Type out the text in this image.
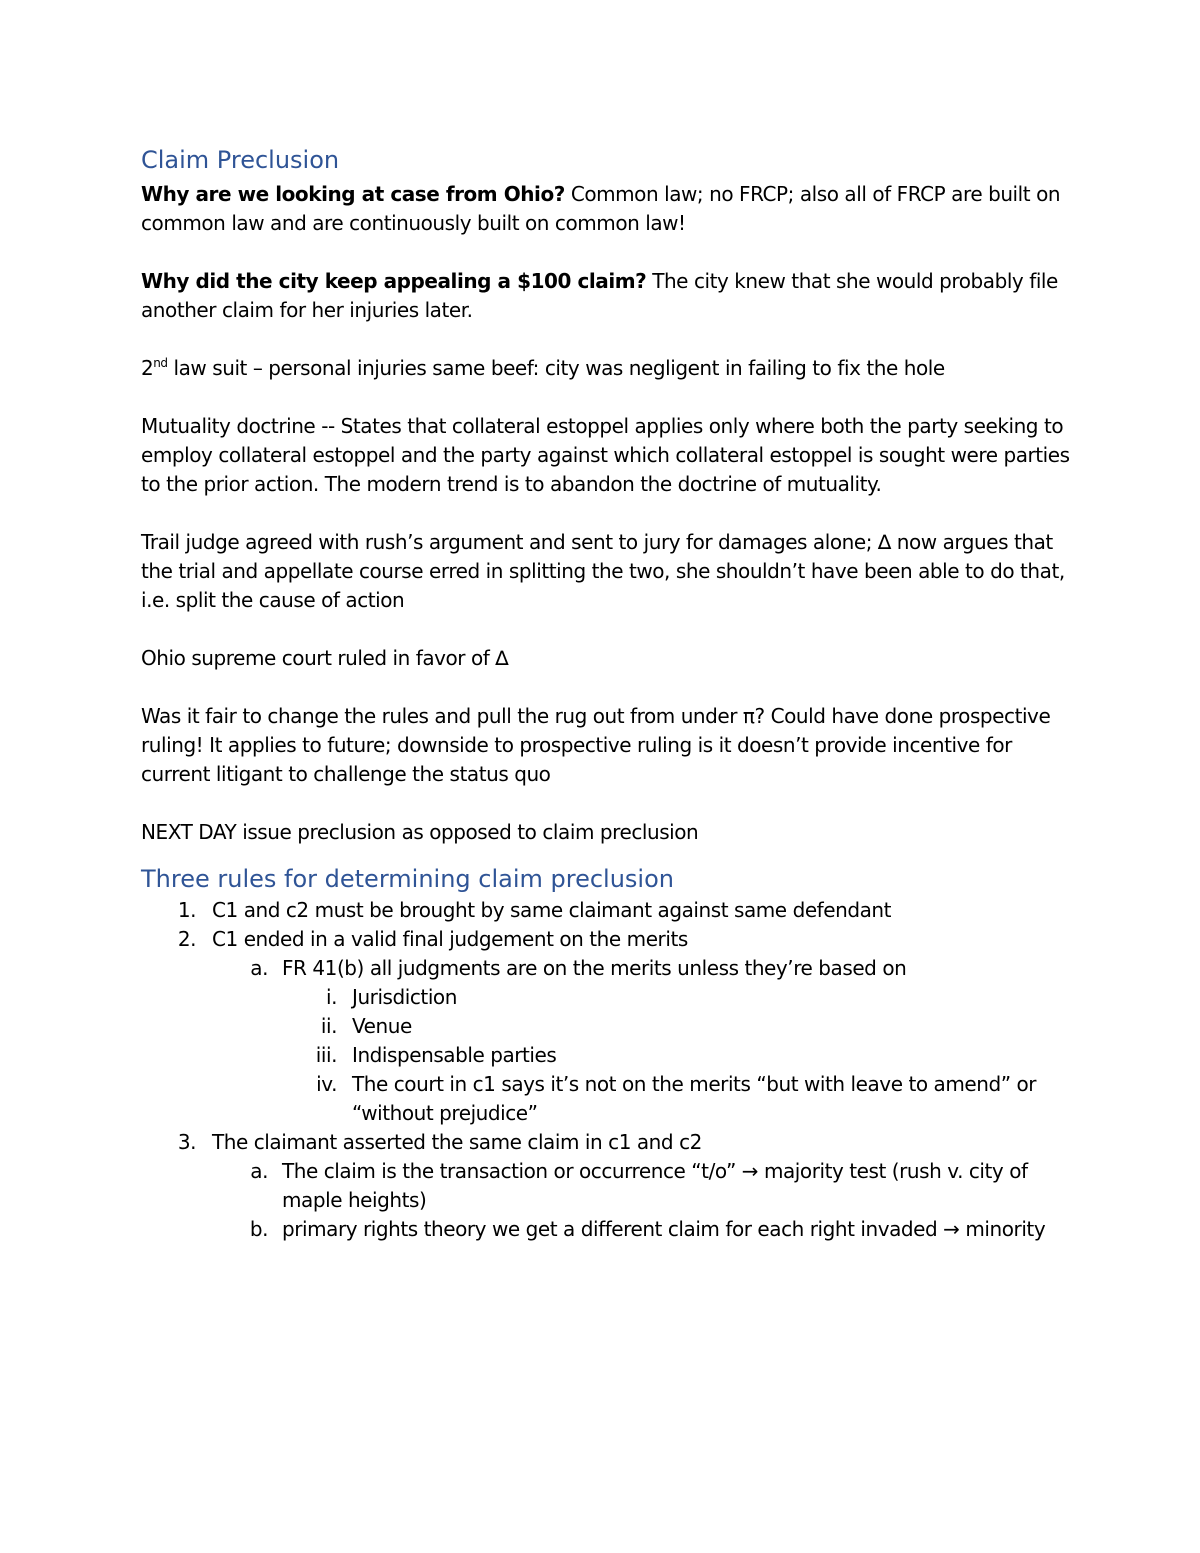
Claim Preclusion

Why are we looking at case from Ohio? Common law; no FRCP; also all of FRCP are built on common law and are continuously built on common law!

Why did the city keep appealing a $100 claim? The city knew that she would probably file another claim for her injuries later.

2nd law suit – personal injuries same beef: city was negligent in failing to fix the hole

Mutuality doctrine -- States that collateral estoppel applies only where both the party seeking to employ collateral estoppel and the party against which collateral estoppel is sought were parties to the prior action. The modern trend is to abandon the doctrine of mutuality.

Trail judge agreed with rush’s argument and sent to jury for damages alone; ∆ now argues that the trial and appellate course erred in splitting the two, she shouldn’t have been able to do that, i.e. split the cause of action

Ohio supreme court ruled in favor of ∆

Was it fair to change the rules and pull the rug out from under π? Could have done prospective ruling! It applies to future; downside to prospective ruling is it doesn’t provide incentive for current litigant to challenge the status quo

NEXT DAY issue preclusion as opposed to claim preclusion

Three rules for determining claim preclusion
1. C1 and c2 must be brought by same claimant against same defendant
2. C1 ended in a valid final judgement on the merits
a. FR 41(b) all judgments are on the merits unless they’re based on
i. Jurisdiction
ii. Venue
iii. Indispensable parties
iv. The court in c1 says it’s not on the merits “but with leave to amend” or “without prejudice”
3. The claimant asserted the same claim in c1 and c2
a. The claim is the transaction or occurrence “t/o” → majority test (rush v. city of maple heights)
b. primary rights theory we get a different claim for each right invaded → minority
